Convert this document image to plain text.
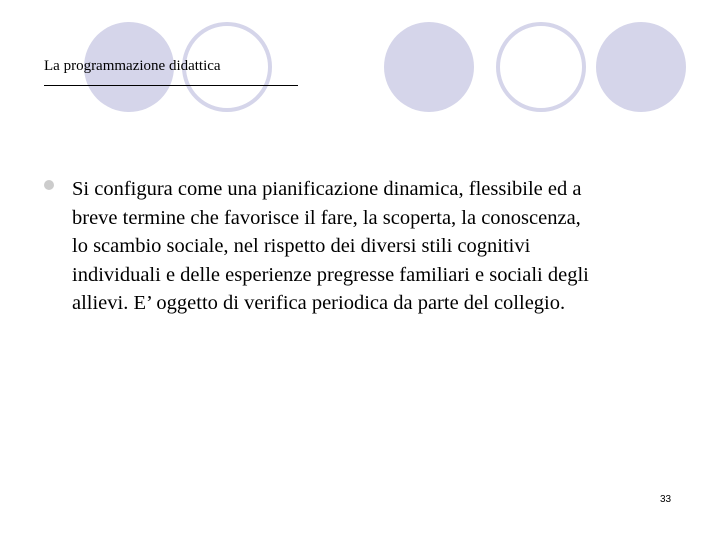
La programmazione didattica
Si configura come una pianificazione dinamica, flessibile ed a
breve termine che favorisce il fare, la scoperta, la conoscenza,
lo scambio sociale, nel rispetto dei diversi stili cognitivi
individuali e delle esperienze pregresse familiari e sociali degli
allievi. E’ oggetto di verifica periodica da parte del collegio.
33
